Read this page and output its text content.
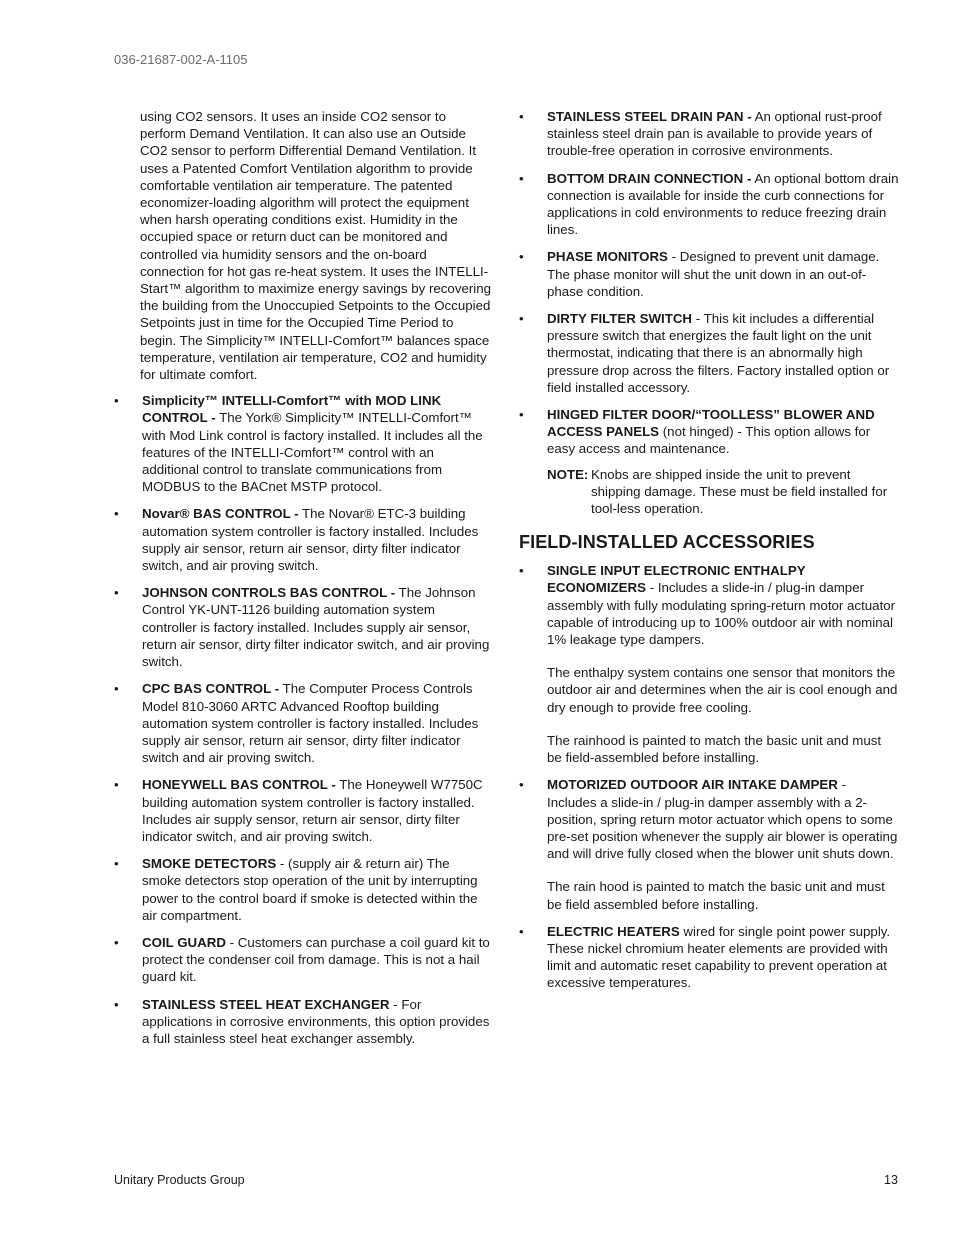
036-21687-002-A-1105

using CO2 sensors. It uses an inside CO2 sensor to perform Demand Ventilation. It can also use an Outside CO2 sensor to perform Differential Demand Ventilation. It uses a Patented Comfort Ventilation algorithm to provide comfortable ventilation air temperature. The patented economizer-loading algorithm will protect the equipment when harsh operating conditions exist. Humidity in the occupied space or return duct can be monitored and controlled via humidity sensors and the on-board connection for hot gas re-heat system. It uses the INTELLI-Start™ algorithm to maximize energy savings by recovering the building from the Unoccupied Setpoints to the Occupied Setpoints just in time for the Occupied Time Period to begin. The Simplicity™ INTELLI-Comfort™ balances space temperature, ventilation air temperature, CO2 and humidity for ultimate comfort.

• Simplicity™ INTELLI-Comfort™ with MOD LINK CONTROL - The York® Simplicity™ INTELLI-Comfort™ with Mod Link control is factory installed. It includes all the features of the INTELLI-Comfort™ control with an additional control to translate communications from MODBUS to the BACnet MSTP protocol.

• Novar® BAS CONTROL - The Novar® ETC-3 building automation system controller is factory installed. Includes supply air sensor, return air sensor, dirty filter indicator switch, and air proving switch.

• JOHNSON CONTROLS BAS CONTROL - The Johnson Control YK-UNT-1126 building automation system controller is factory installed. Includes supply air sensor, return air sensor, dirty filter indicator switch, and air proving switch.

• CPC BAS CONTROL - The Computer Process Controls Model 810-3060 ARTC Advanced Rooftop building automation system controller is factory installed. Includes supply air sensor, return air sensor, dirty filter indicator switch and air proving switch.

• HONEYWELL BAS CONTROL - The Honeywell W7750C building automation system controller is factory installed. Includes air supply sensor, return air sensor, dirty filter indicator switch, and air proving switch.

• SMOKE DETECTORS - (supply air & return air) The smoke detectors stop operation of the unit by interrupting power to the control board if smoke is detected within the air compartment.

• COIL GUARD - Customers can purchase a coil guard kit to protect the condenser coil from damage. This is not a hail guard kit.

• STAINLESS STEEL HEAT EXCHANGER - For applications in corrosive environments, this option provides a full stainless steel heat exchanger assembly.

• STAINLESS STEEL DRAIN PAN - An optional rust-proof stainless steel drain pan is available to provide years of trouble-free operation in corrosive environments.

• BOTTOM DRAIN CONNECTION - An optional bottom drain connection is available for inside the curb connections for applications in cold environments to reduce freezing drain lines.

• PHASE MONITORS - Designed to prevent unit damage. The phase monitor will shut the unit down in an out-of-phase condition.

• DIRTY FILTER SWITCH - This kit includes a differential pressure switch that energizes the fault light on the unit thermostat, indicating that there is an abnormally high pressure drop across the filters. Factory installed option or field installed accessory.

• HINGED FILTER DOOR/“TOOLLESS” BLOWER AND ACCESS PANELS (not hinged) - This option allows for easy access and maintenance.

NOTE: Knobs are shipped inside the unit to prevent shipping damage. These must be field installed for tool-less operation.
FIELD-INSTALLED ACCESSORIES
• SINGLE INPUT ELECTRONIC ENTHALPY ECONOMIZERS - Includes a slide-in / plug-in damper assembly with fully modulating spring-return motor actuator capable of introducing up to 100% outdoor air with nominal 1% leakage type dampers.

The enthalpy system contains one sensor that monitors the outdoor air and determines when the air is cool enough and dry enough to provide free cooling.

The rainhood is painted to match the basic unit and must be field-assembled before installing.

• MOTORIZED OUTDOOR AIR INTAKE DAMPER - Includes a slide-in / plug-in damper assembly with a 2-position, spring return motor actuator which opens to some pre-set position whenever the supply air blower is operating and will drive fully closed when the blower unit shuts down.

The rain hood is painted to match the basic unit and must be field assembled before installing.

• ELECTRIC HEATERS wired for single point power supply. These nickel chromium heater elements are provided with limit and automatic reset capability to prevent operation at excessive temperatures.

Unitary Products Group	13
